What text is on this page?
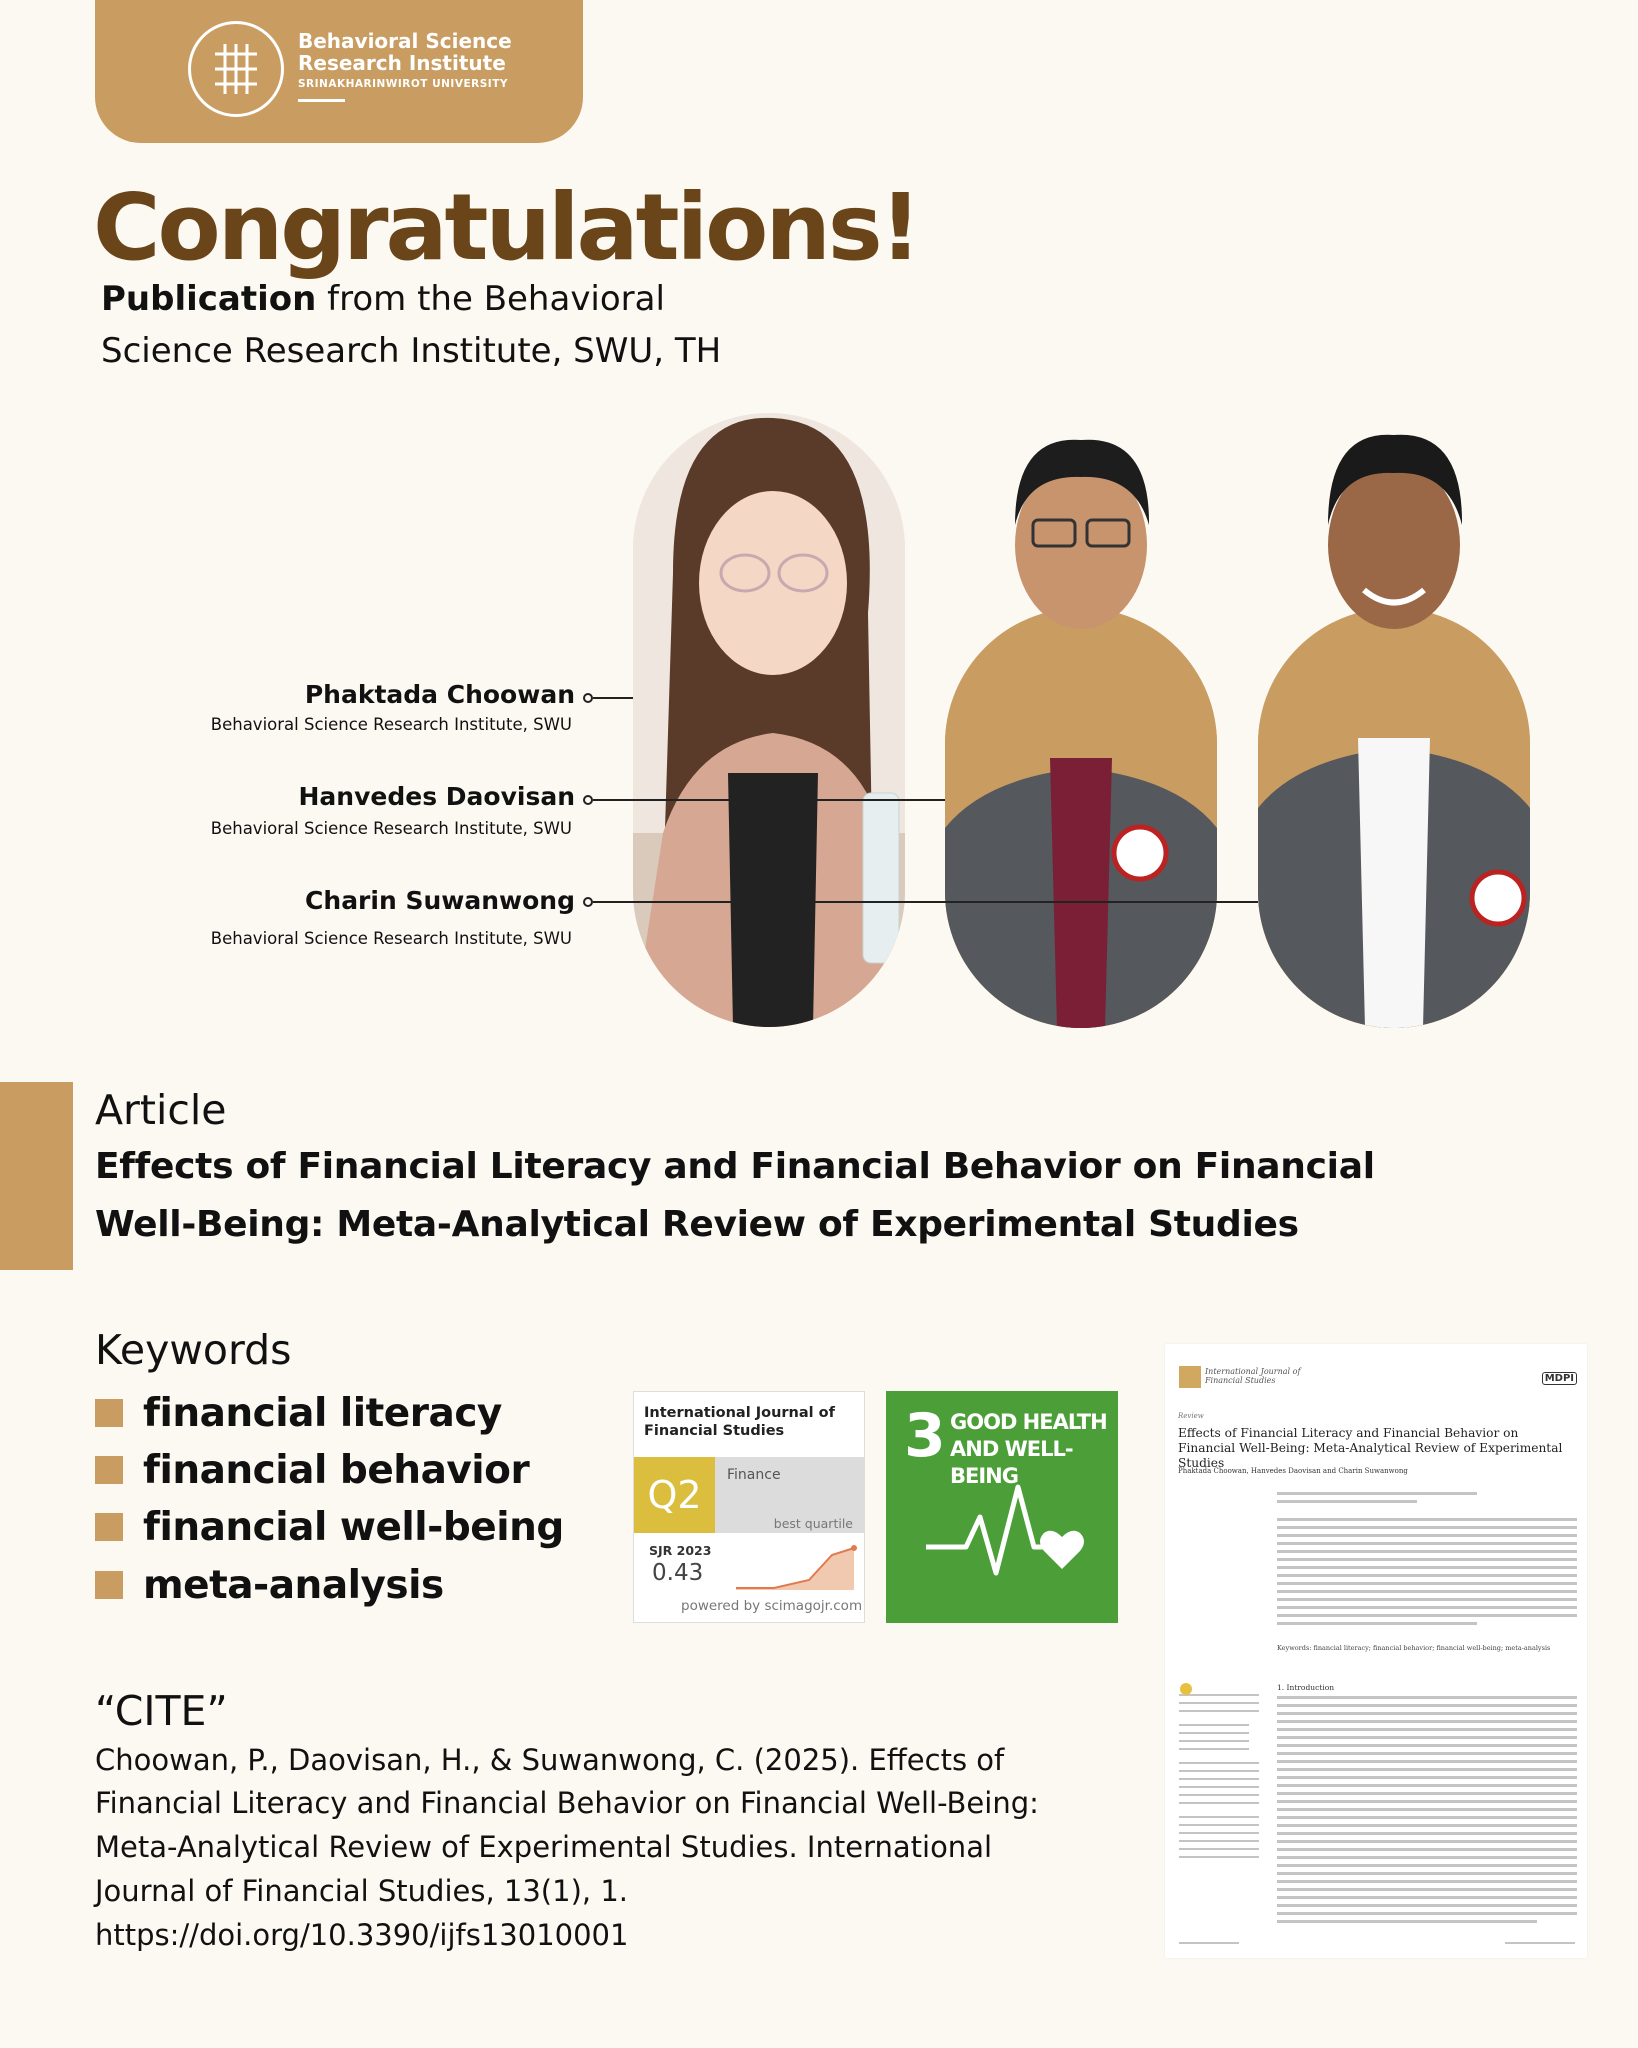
Behavioral Science
Research Institute
SRINAKHARINWIROT UNIVERSITY
Congratulations!
Publication from the Behavioral
Science Research Institute, SWU, TH
Phaktada Choowan
Behavioral Science Research Institute, SWU
Hanvedes Daovisan
Behavioral Science Research Institute, SWU
Charin Suwanwong
Behavioral Science Research Institute, SWU
Article
Effects of Financial Literacy and Financial Behavior on Financial
Well-Being: Meta-Analytical Review of Experimental Studies
Keywords
financial literacy
financial behavior
financial well-being
meta-analysis
International Journal of Financial Studies
Q2	Finance
best quartile
SJR 2023
0.43
powered by scimagojr.com
3 GOOD HEALTH
AND WELL-BEING
International Journal of
Financial Studies	MDPI
Review
Effects of Financial Literacy and Financial Behavior on Financial Well-Being: Meta-Analytical Review of Experimental Studies
Phaktada Choowan, Hanvedes Daovisan and Charin Suwanwong
Keywords: financial literacy; financial behavior; financial well-being; meta-analysis
1. Introduction
“CITE”
Choowan, P., Daovisan, H., & Suwanwong, C. (2025). Effects of
Financial Literacy and Financial Behavior on Financial Well-Being:
Meta-Analytical Review of Experimental Studies. International
Journal of Financial Studies, 13(1), 1.
https://doi.org/10.3390/ijfs13010001
